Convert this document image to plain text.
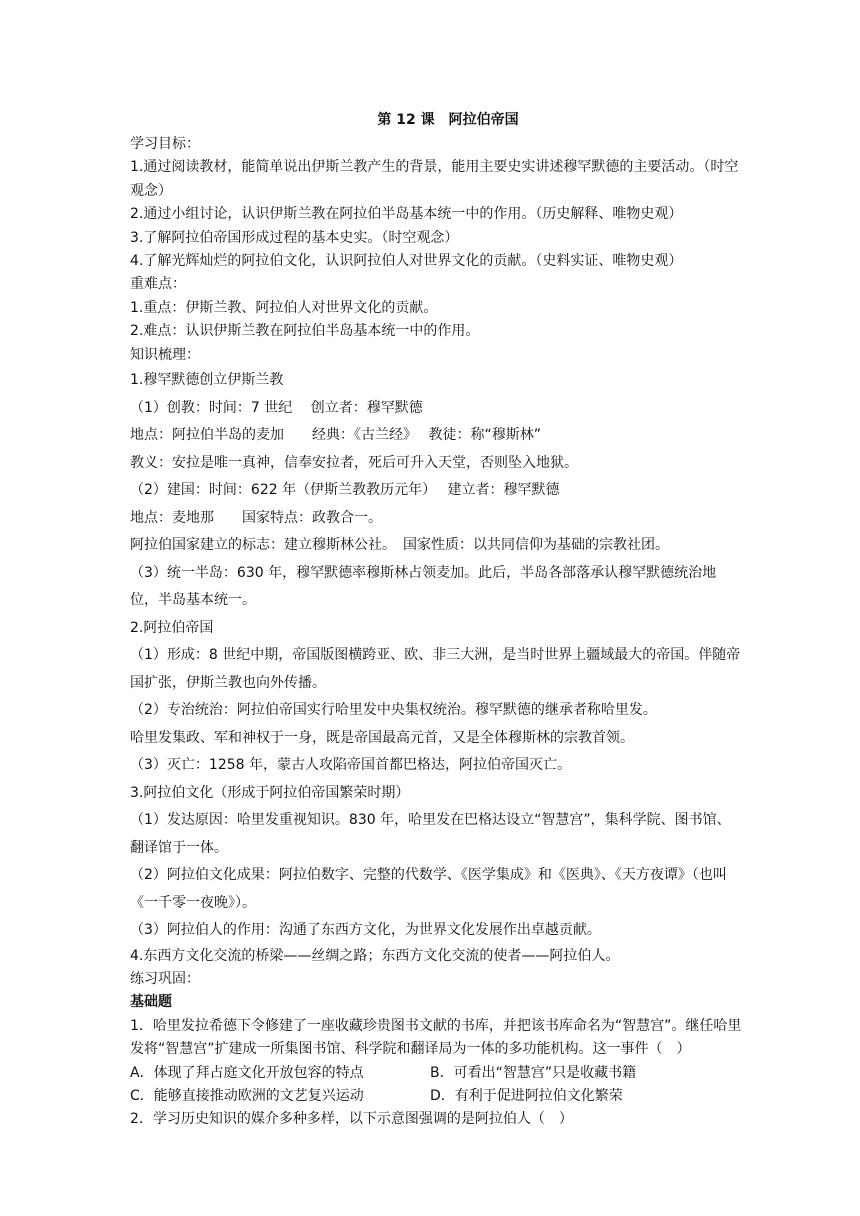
第 12 课　阿拉伯帝国
学习目标：
1.通过阅读教材，能简单说出伊斯兰教产生的背景，能用主要史实讲述穆罕默德的主要活动。（时空观念）
2.通过小组讨论，认识伊斯兰教在阿拉伯半岛基本统一中的作用。（历史解释、唯物史观）
3.了解阿拉伯帝国形成过程的基本史实。（时空观念）
4.了解光辉灿烂的阿拉伯文化，认识阿拉伯人对世界文化的贡献。（史料实证、唯物史观）
重难点：
1.重点：伊斯兰教、阿拉伯人对世界文化的贡献。
2.难点：认识伊斯兰教在阿拉伯半岛基本统一中的作用。
知识梳理：
1.穆罕默德创立伊斯兰教
（1）创教：时间：7 世纪　 创立者：穆罕默德
地点：阿拉伯半岛的麦加　　经典：《古兰经》　 教徒：称“穆斯林”
教义：安拉是唯一真神，信奉安拉者，死后可升入天堂，否则坠入地狱。
（2）建国：时间：622 年（伊斯兰教教历元年）　 建立者：穆罕默德
地点：麦地那　　国家特点：政教合一。
阿拉伯国家建立的标志：建立穆斯林公社。　国家性质：以共同信仰为基础的宗教社团。
（3）统一半岛：630 年，穆罕默德率穆斯林占领麦加。此后，半岛各部落承认穆罕默德统治地位，半岛基本统一。
2.阿拉伯帝国
（1）形成：8 世纪中期，帝国版图横跨亚、欧、非三大洲，是当时世界上疆域最大的帝国。伴随帝国扩张，伊斯兰教也向外传播。
（2）专治统治：阿拉伯帝国实行哈里发中央集权统治。穆罕默德的继承者称哈里发。
哈里发集政、军和神权于一身，既是帝国最高元首，又是全体穆斯林的宗教首领。
（3）灭亡：1258 年，蒙古人攻陷帝国首都巴格达，阿拉伯帝国灭亡。
3.阿拉伯文化（形成于阿拉伯帝国繁荣时期）
（1）发达原因：哈里发重视知识。830 年，哈里发在巴格达设立“智慧宫”，集科学院、图书馆、翻译馆于一体。
（2）阿拉伯文化成果：阿拉伯数字、完整的代数学、《医学集成》和《医典》、《天方夜谭》（也叫《一千零一夜晚》）。
（3）阿拉伯人的作用：沟通了东西方文化，为世界文化发展作出卓越贡献。
4.东西方文化交流的桥梁——丝绸之路；东西方文化交流的使者——阿拉伯人。
练习巩固：
基础题
1．哈里发拉希德下令修建了一座收藏珍贵图书文献的书库，并把该书库命名为“智慧宫”。继任哈里发将“智慧宫”扩建成一所集图书馆、科学院和翻译局为一体的多功能机构。这一事件（　）
A．体现了拜占庭文化开放包容的特点	B．可看出“智慧宫”只是收藏书籍
C．能够直接推动欧洲的文艺复兴运动	D．有利于促进阿拉伯文化繁荣
2．学习历史知识的媒介多种多样，以下示意图强调的是阿拉伯人（　）
